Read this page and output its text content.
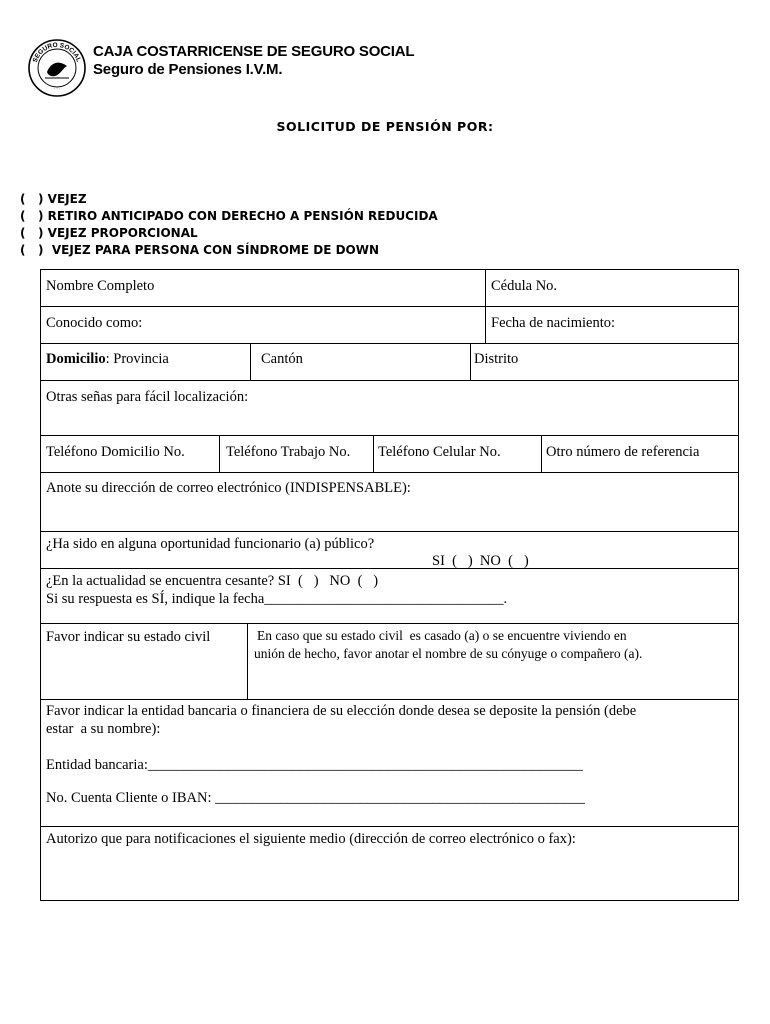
SEGURO SOCIAL
· · ·
CAJA COSTARRICENSE DE SEGURO SOCIAL
Seguro de Pensiones I.V.M.
SOLICITUD DE PENSIÓN POR:
(   ) VEJEZ
(   ) RETIRO ANTICIPADO CON DERECHO A PENSIÓN REDUCIDA
(   ) VEJEZ PROPORCIONAL
(   )  VEJEZ PARA PERSONA CON SÍNDROME DE DOWN
Nombre Completo	Cédula No.
Conocido como:	Fecha de nacimiento:
Domicilio: Provincia	Cantón	Distrito
Otras señas para fácil localización:
Teléfono Domicilio No.	Teléfono Trabajo No. Teléfono Celular No.	Otro número de referencia
Anote su dirección de correo electrónico (INDISPENSABLE):
¿Ha sido en alguna oportunidad funcionario (a) público?
SI  (   )  NO  (   )
¿En la actualidad se encuentra cesante? SI  (   )   NO  (   )
Si su respuesta es SÍ, indique la fecha_________________________________.
Favor indicar su estado civil	En caso que su estado civil  es casado (a) o se encuentre viviendo en
unión de hecho, favor anotar el nombre de su cónyuge o compañero (a).
Favor indicar la entidad bancaria o financiera de su elección donde desea se deposite la pensión (debe
estar  a su nombre):
Entidad bancaria:____________________________________________________________
No. Cuenta Cliente o IBAN: ___________________________________________________
Autorizo que para notificaciones el siguiente medio (dirección de correo electrónico o fax):
